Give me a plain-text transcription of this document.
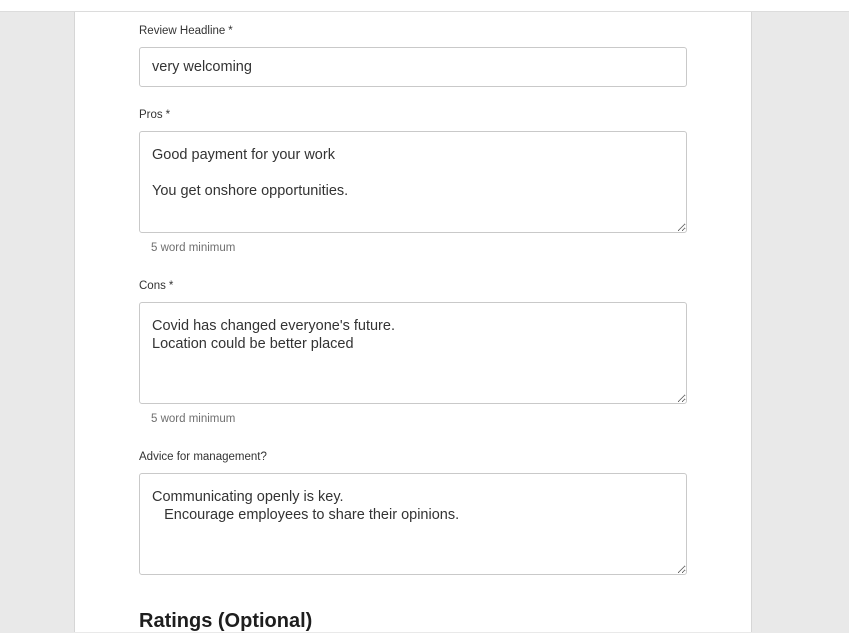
Review Headline *
very welcoming
Pros *
Good payment for your work You get onshore opportunities.
5 word minimum
Cons *
Covid has changed everyone's future. Location could be better placed
5 word minimum
Advice for management?
Communicating openly is key. Encourage employees to share their opinions.
Ratings (Optional)
